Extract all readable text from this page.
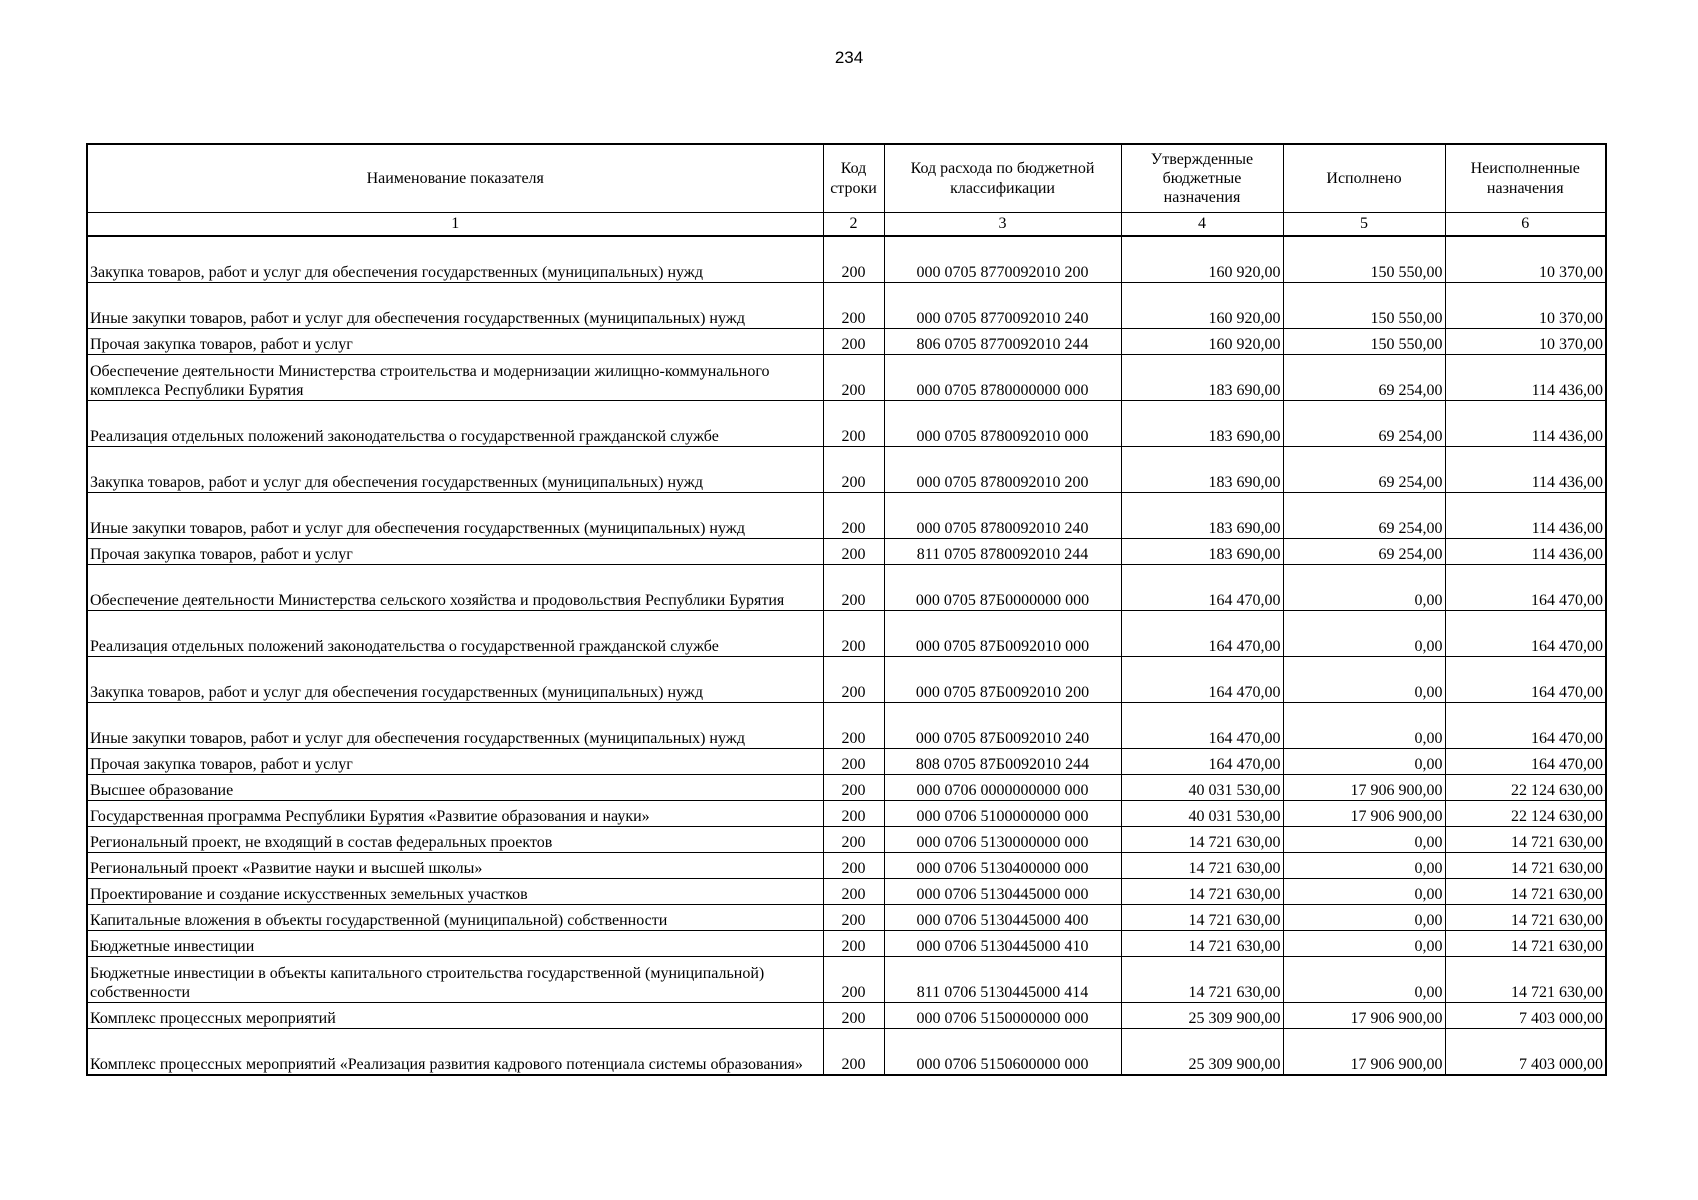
234
Наименование показателя	Код строки	Код расхода по бюджетной классификации	Утвержденные бюджетные назначения	Исполнено	Неисполненные назначения
1	2	3	4	5	6
Закупка товаров, работ и услуг для обеспечения государственных (муниципальных) нужд	200	000 0705 8770092010 200	160 920,00	150 550,00	10 370,00
Иные закупки товаров, работ и услуг для обеспечения государственных (муниципальных) нужд	200	000 0705 8770092010 240	160 920,00	150 550,00	10 370,00
Прочая закупка товаров, работ и услуг	200	806 0705 8770092010 244	160 920,00	150 550,00	10 370,00
Обеспечение деятельности Министерства строительства и модернизации жилищно-коммунального комплекса Республики Бурятия	200	000 0705 8780000000 000	183 690,00	69 254,00	114 436,00
Реализация отдельных положений законодательства о государственной гражданской службе	200	000 0705 8780092010 000	183 690,00	69 254,00	114 436,00
Закупка товаров, работ и услуг для обеспечения государственных (муниципальных) нужд	200	000 0705 8780092010 200	183 690,00	69 254,00	114 436,00
Иные закупки товаров, работ и услуг для обеспечения государственных (муниципальных) нужд	200	000 0705 8780092010 240	183 690,00	69 254,00	114 436,00
Прочая закупка товаров, работ и услуг	200	811 0705 8780092010 244	183 690,00	69 254,00	114 436,00
Обеспечение деятельности Министерства сельского хозяйства и продовольствия Республики Бурятия	200	000 0705 87Б0000000 000	164 470,00	0,00	164 470,00
Реализация отдельных положений законодательства о государственной гражданской службе	200	000 0705 87Б0092010 000	164 470,00	0,00	164 470,00
Закупка товаров, работ и услуг для обеспечения государственных (муниципальных) нужд	200	000 0705 87Б0092010 200	164 470,00	0,00	164 470,00
Иные закупки товаров, работ и услуг для обеспечения государственных (муниципальных) нужд	200	000 0705 87Б0092010 240	164 470,00	0,00	164 470,00
Прочая закупка товаров, работ и услуг	200	808 0705 87Б0092010 244	164 470,00	0,00	164 470,00
Высшее образование	200	000 0706 0000000000 000	40 031 530,00	17 906 900,00	22 124 630,00
Государственная программа Республики Бурятия «Развитие образования и науки»	200	000 0706 5100000000 000	40 031 530,00	17 906 900,00	22 124 630,00
Региональный проект, не входящий в состав федеральных проектов	200	000 0706 5130000000 000	14 721 630,00	0,00	14 721 630,00
Региональный проект «Развитие науки и высшей школы»	200	000 0706 5130400000 000	14 721 630,00	0,00	14 721 630,00
Проектирование и создание искусственных земельных участков	200	000 0706 5130445000 000	14 721 630,00	0,00	14 721 630,00
Капитальные вложения в объекты государственной (муниципальной) собственности	200	000 0706 5130445000 400	14 721 630,00	0,00	14 721 630,00
Бюджетные инвестиции	200	000 0706 5130445000 410	14 721 630,00	0,00	14 721 630,00
Бюджетные инвестиции в объекты капитального строительства государственной (муниципальной) собственности	200	811 0706 5130445000 414	14 721 630,00	0,00	14 721 630,00
Комплекс процессных мероприятий	200	000 0706 5150000000 000	25 309 900,00	17 906 900,00	7 403 000,00
Комплекс процессных мероприятий «Реализация развития кадрового потенциала системы образования»	200	000 0706 5150600000 000	25 309 900,00	17 906 900,00	7 403 000,00
